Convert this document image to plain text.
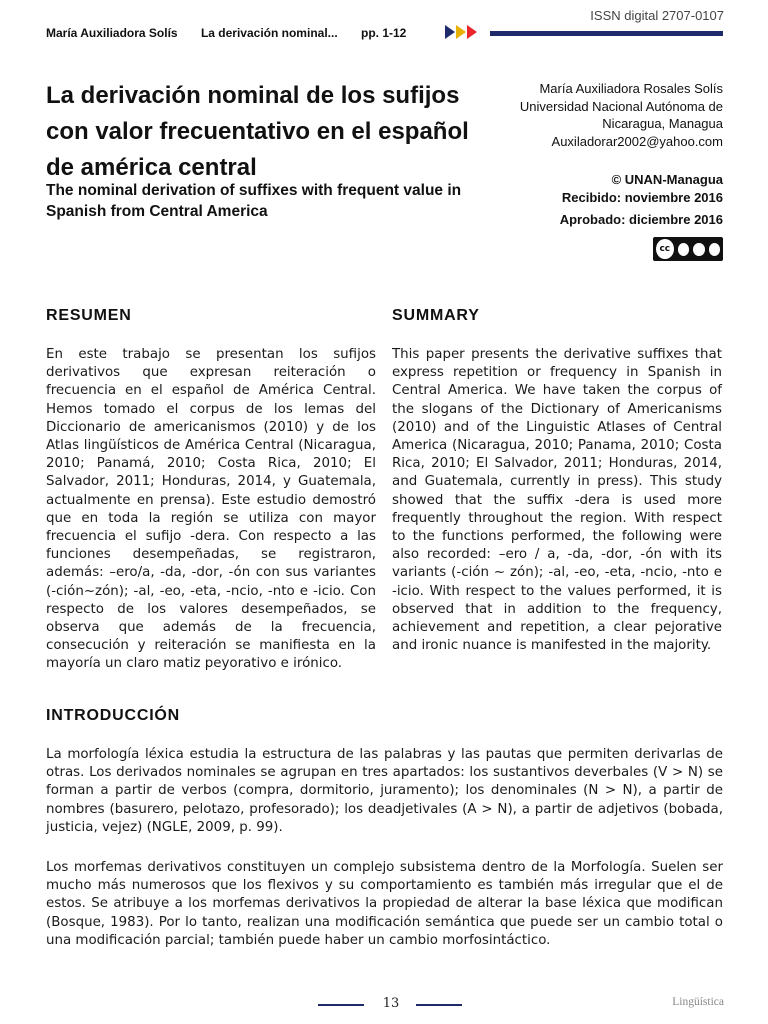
ISSN digital 2707-0107
María Auxiliadora Solís La derivación nominal... pp. 1-12
La derivación nominal de los sufijos con valor frecuentativo en el español de américa central
The nominal derivation of suffixes with frequent value in Spanish from Central America
María Auxiliadora Rosales Solís
Universidad Nacional Autónoma de
Nicaragua, Managua
Auxiladorar2002@yahoo.com
© UNAN-Managua
Recibido: noviembre 2016
Aprobado: diciembre 2016
cc
RESUMEN	SUMMARY

En este trabajo se presentan los sufijos derivativos que expresan reiteración o frecuencia en el español de América Central. Hemos tomado el corpus de los lemas del Diccionario de americanismos (2010) y de los Atlas lingüísticos de América Central (Nicaragua, 2010; Panamá, 2010; Costa Rica, 2010; El Salvador, 2011; Honduras, 2014, y Guatemala, actualmente en prensa). Este estudio demostró que en toda la región se utiliza con mayor frecuencia el sufijo -dera. Con respecto a las funciones desempeñadas, se registraron, además: –ero/a, -da, -dor, -ón con sus variantes (-ción~zón); -al, -eo, -eta, -ncio, -nto e -icio. Con respecto de los valores desempeñados, se observa que además de la frecuencia, consecución y reiteración se manifiesta en la mayoría un claro matiz peyorativo e irónico.

This paper presents the derivative suffixes that express repetition or frequency in Spanish in Central America. We have taken the corpus of the slogans of the Dictionary of Americanisms (2010) and of the Linguistic Atlases of Central America (Nicaragua, 2010; Panama, 2010; Costa Rica, 2010; El Salvador, 2011; Honduras, 2014, and Guatemala, currently in press). This study showed that the suffix -dera is used more frequently throughout the region. With respect to the functions performed, the following were also recorded: –ero / a, -da, -dor, -ón with its variants (-ción ~ zón); -al, -eo, -eta, -ncio, -nto e -icio. With respect to the values performed, it is observed that in addition to the frequency, achievement and repetition, a clear pejorative and ironic nuance is manifested in the majority.

INTRODUCCIÓN

La morfología léxica estudia la estructura de las palabras y las pautas que permiten derivarlas de otras. Los derivados nominales se agrupan en tres apartados: los sustantivos deverbales (V > N) se forman a partir de verbos (compra, dormitorio, juramento); los denominales (N > N), a partir de nombres (basurero, pelotazo, profesorado); los deadjetivales (A > N), a partir de adjetivos (bobada, justicia, vejez) (NGLE, 2009, p. 99).

Los morfemas derivativos constituyen un complejo subsistema dentro de la Morfología. Suelen ser mucho más numerosos que los flexivos y su comportamiento es también más irregular que el de estos. Se atribuye a los morfemas derivativos la propiedad de alterar la base léxica que modifican (Bosque, 1983). Por lo tanto, realizan una modificación semántica que puede ser un cambio total o una modificación parcial; también puede haber un cambio morfosintáctico.

13	Lingüística
